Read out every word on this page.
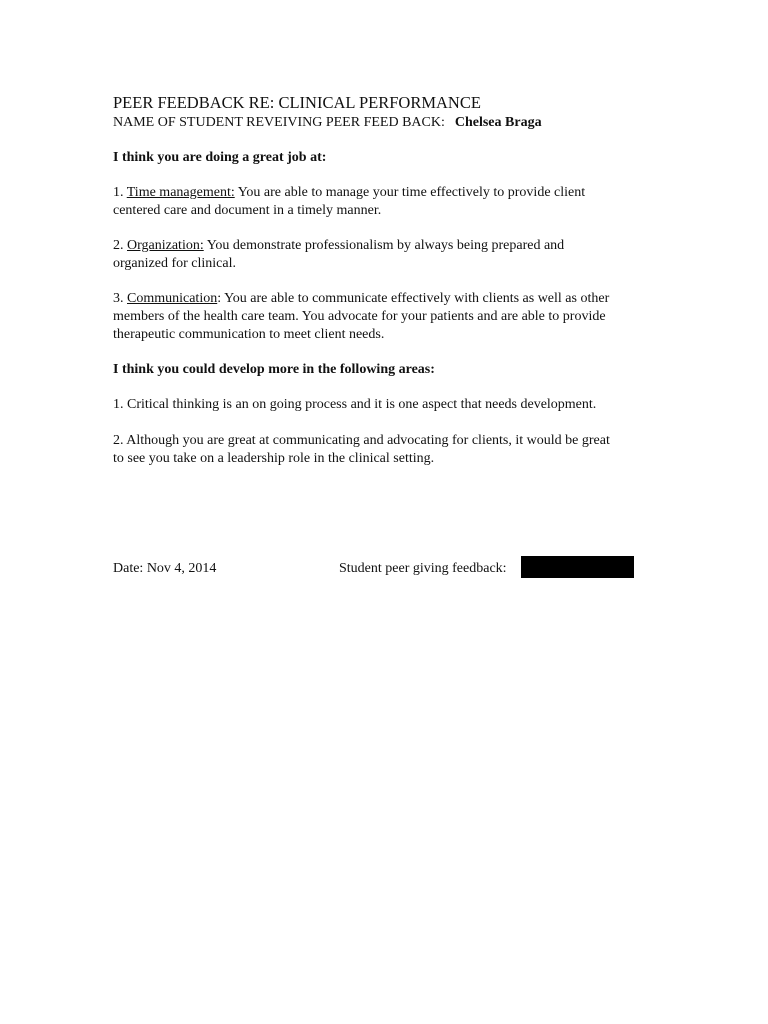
PEER FEEDBACK RE: CLINICAL PERFORMANCE

NAME OF STUDENT REVEIVING PEER FEED BACK: Chelsea Braga

I think you are doing a great job at:

1. Time management: You are able to manage your time effectively to provide client
centered care and document in a timely manner.

2. Organization: You demonstrate professionalism by always being prepared and
organized for clinical.

3. Communication: You are able to communicate effectively with clients as well as other
members of the health care team. You advocate for your patients and are able to provide
therapeutic communication to meet client needs.

I think you could develop more in the following areas:

1. Critical thinking is an on going process and it is one aspect that needs development.

2. Although you are great at communicating and advocating for clients, it would be great
to see you take on a leadership role in the clinical setting.

Date: Nov 4, 2014	Student peer giving feedback:
